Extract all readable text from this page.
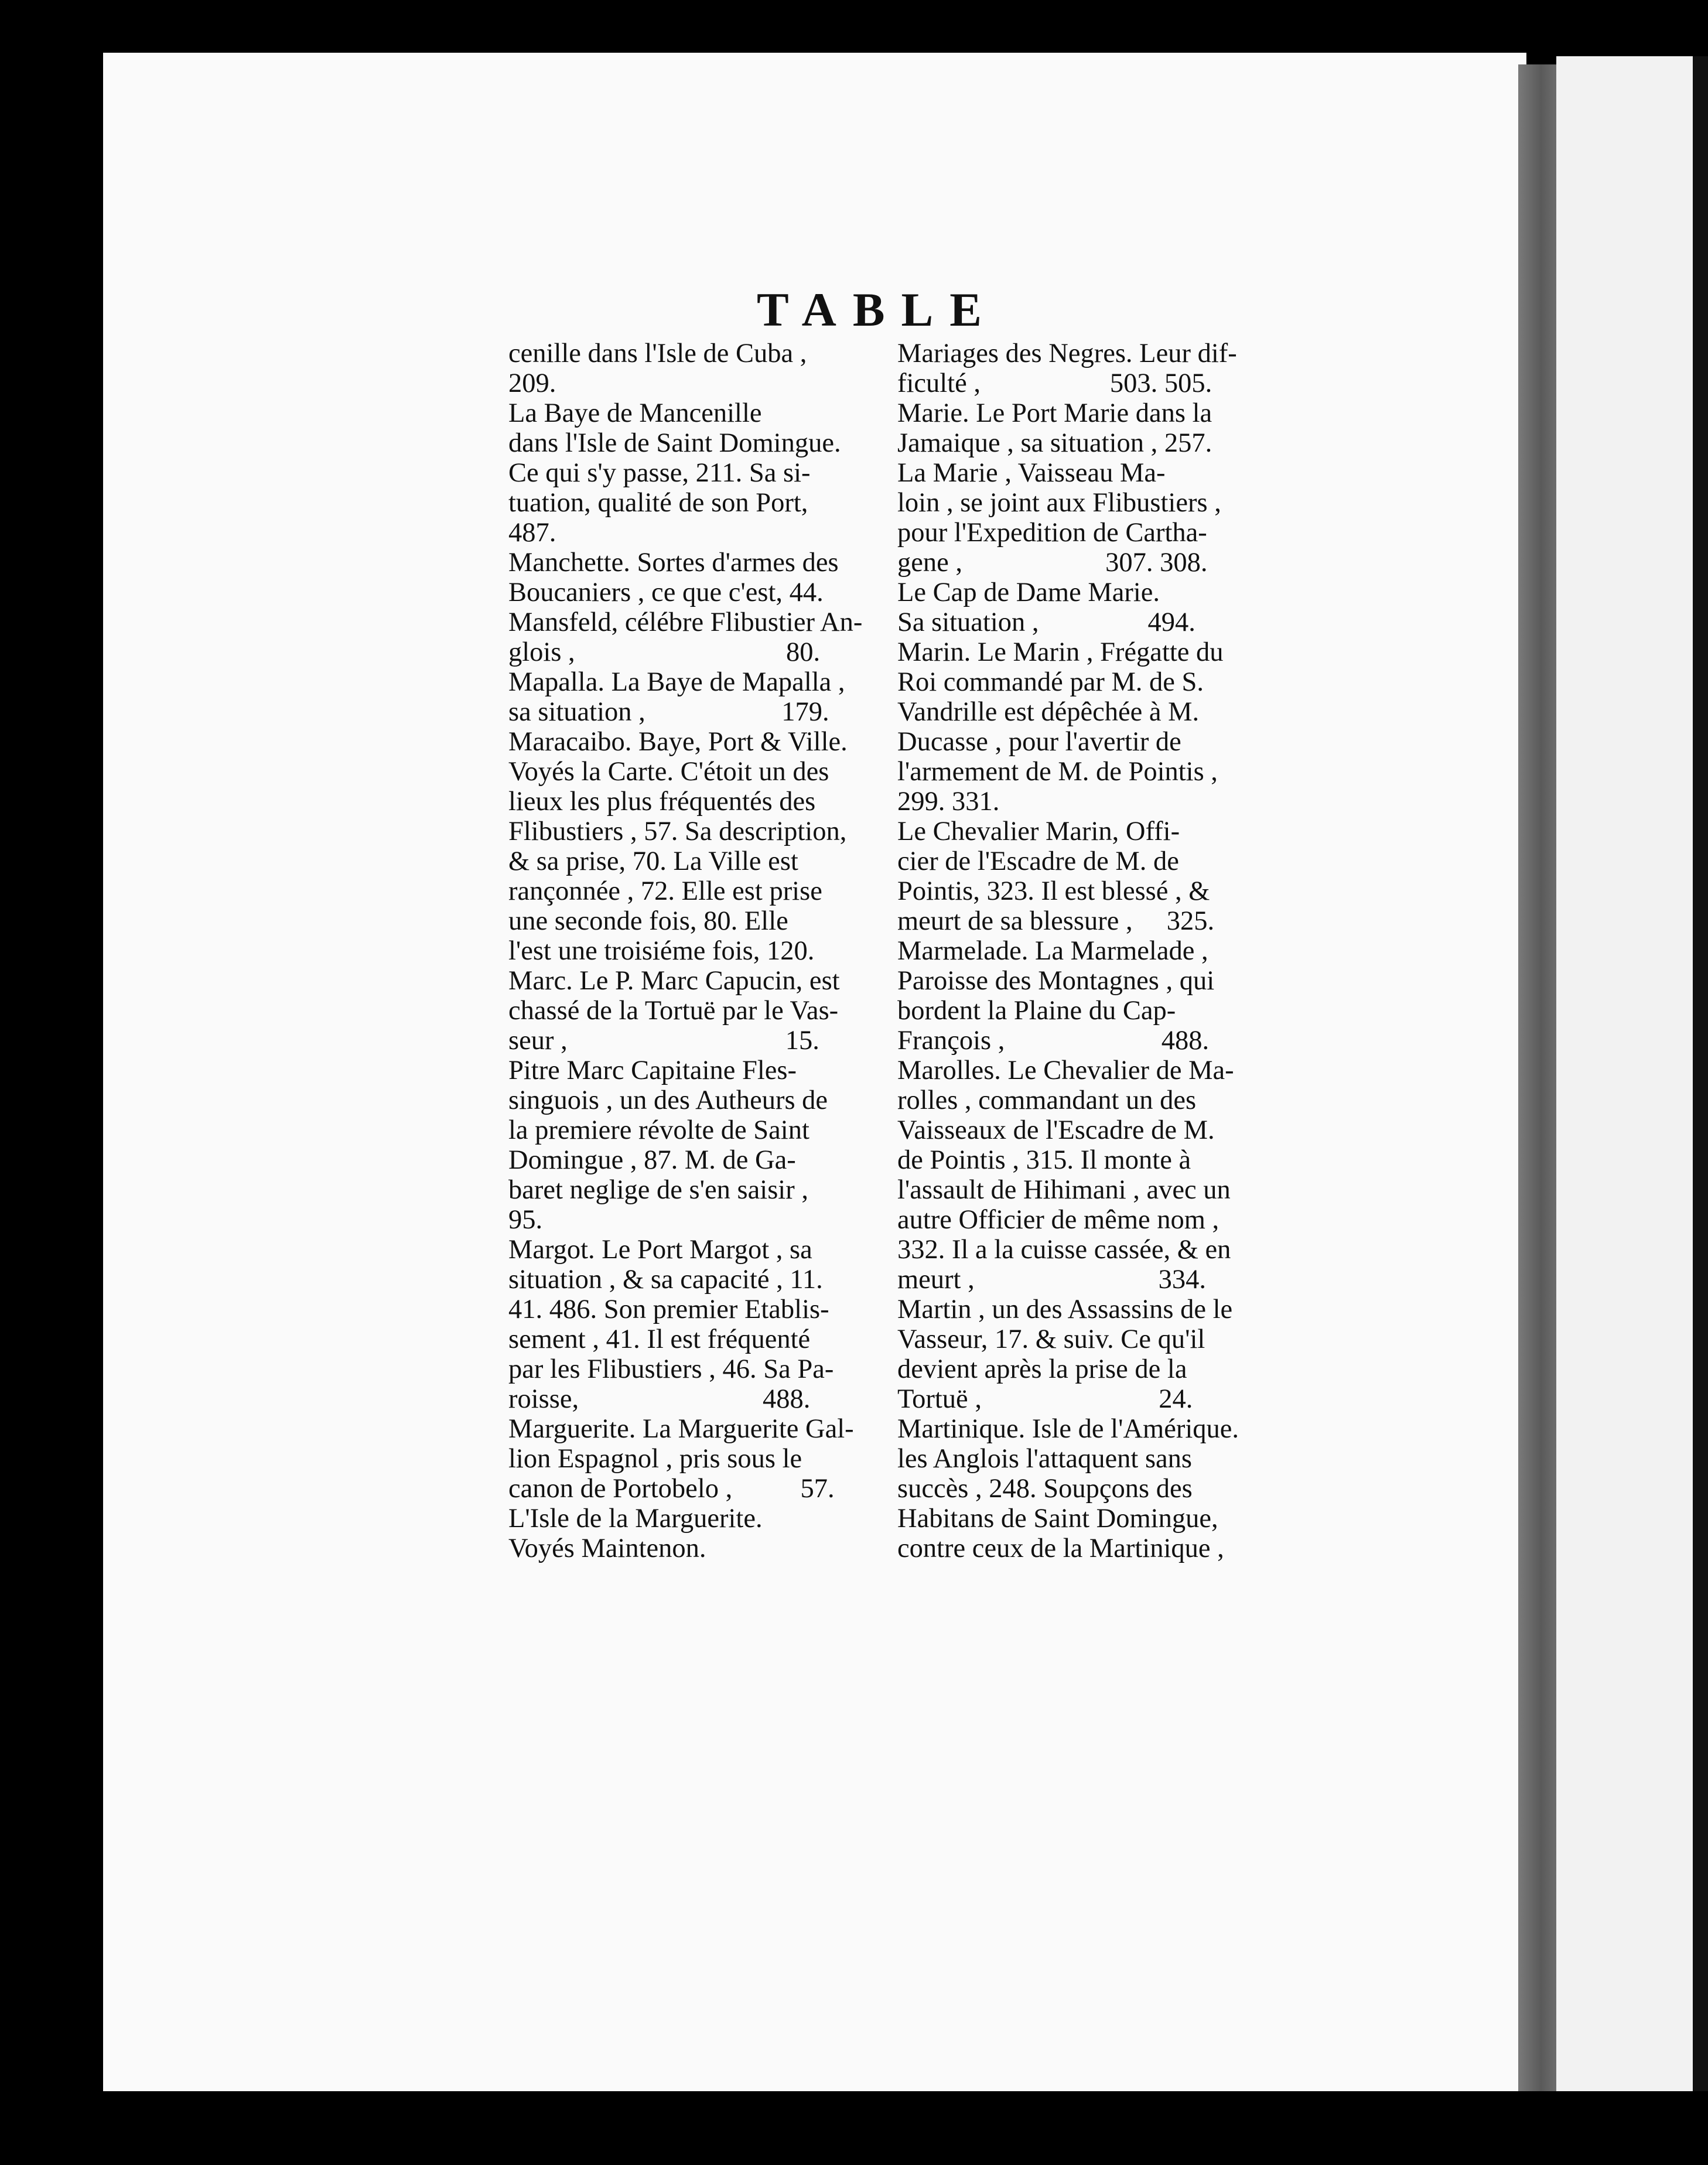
TABLE
cenille dans l'Isle de Cuba ,
209.
La Baye de Mancenille
dans l'Isle de Saint Domingue.
Ce qui s'y passe, 211. Sa si-
tuation, qualité de son Port,
487.
Manchette. Sortes d'armes des
Boucaniers , ce que c'est, 44.
Mansfeld, célébre Flibustier An-
glois ,                               80.
Mapalla. La Baye de Mapalla ,
sa situation ,                    179.
Maracaibo. Baye, Port & Ville.
Voyés la Carte. C'étoit un des
lieux les plus fréquentés des
Flibustiers , 57. Sa description,
& sa prise, 70. La Ville est
rançonnée , 72. Elle est prise
une seconde fois, 80. Elle
l'est une troisiéme fois, 120.
Marc. Le P. Marc Capucin, est
chassé de la Tortuë par le Vas-
seur ,                                15.
Pitre Marc Capitaine Fles-
singuois , un des Autheurs de
la premiere révolte de Saint
Domingue , 87. M. de Ga-
baret neglige de s'en saisir ,
95.
Margot. Le Port Margot , sa
situation , & sa capacité , 11.
41. 486. Son premier Etablis-
sement , 41. Il est fréquenté
par les Flibustiers , 46. Sa Pa-
roisse,                           488.
Marguerite. La Marguerite Gal-
lion Espagnol , pris sous le
canon de Portobelo ,          57.
L'Isle de la Marguerite.
Voyés Maintenon.
Mariages des Negres. Leur dif-
ficulté ,                   503. 505.
Marie. Le Port Marie dans la
Jamaique , sa situation , 257.
La Marie , Vaisseau Ma-
loin , se joint aux Flibustiers ,
pour l'Expedition de Cartha-
gene ,                     307. 308.
Le Cap de Dame Marie.
Sa situation ,                494.
Marin. Le Marin , Frégatte du
Roi commandé par M. de S.
Vandrille est dépêchée à M.
Ducasse , pour l'avertir de
l'armement de M. de Pointis ,
299. 331.
Le Chevalier Marin, Offi-
cier de l'Escadre de M. de
Pointis, 323. Il est blessé , &
meurt de sa blessure ,     325.
Marmelade. La Marmelade ,
Paroisse des Montagnes , qui
bordent la Plaine du Cap-
François ,                       488.
Marolles. Le Chevalier de Ma-
rolles , commandant un des
Vaisseaux de l'Escadre de M.
de Pointis , 315. Il monte à
l'assault de Hihimani , avec un
autre Officier de même nom ,
332. Il a la cuisse cassée, & en
meurt ,                           334.
Martin , un des Assassins de le
Vasseur, 17. & suiv. Ce qu'il
devient après la prise de la
Tortuë ,                          24.
Martinique. Isle de l'Amérique.
les Anglois l'attaquent sans
succès , 248. Soupçons des
Habitans de Saint Domingue,
contre ceux de la Martinique ,
